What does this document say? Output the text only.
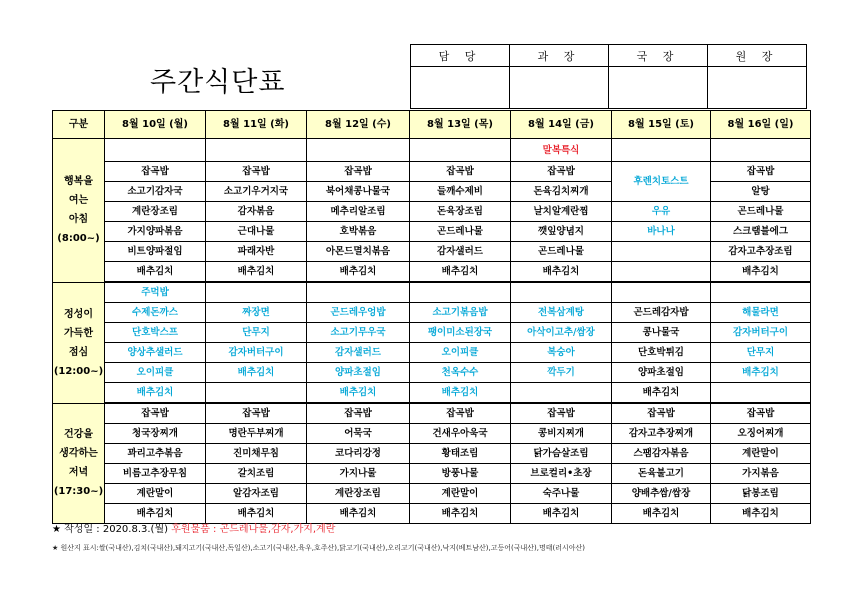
주간식단표
담 당	과 장	국 장	원 장

구분	8월 10일 (월)	8월 11일 (화)	8월 12일 (수)	8월 13일 (목)	8월 14일 (금)	8월 15일 (토)	8월 16일 (일)

행복을
여는
아침
(8:00~)					말복특식		
	잡곡밥	잡곡밥	잡곡밥	잡곡밥	잡곡밥	후렌치토스트	잡곡밥
	소고기감자국	소고기우거지국	북어채콩나물국	들깨수제비	돈육김치찌개		알탕
	계란장조림	감자볶음	메추리알조림	돈육장조림	날치알계란찜	우유	곤드레나물
	가지양파볶음	근대나물	호박볶음	곤드레나물	깻잎양념지	바나나	스크램블에그
	비트양파절임	파래자반	아몬드멸치볶음	감자샐러드	곤드레나물		감자고추장조림
	배추김치	배추김치	배추김치	배추김치	배추김치		배추김치

정성이
가득한
점심
(12:00~)	주먹밥						
	수제돈까스	짜장면	곤드레우엉밥	소고기볶음밥	전복삼계탕	곤드레감자밥	해물라면
	단호박스프	단무지	소고기무우국	팽이미소된장국	아삭이고추/쌈장	콩나물국	감자버터구이
	양상추샐러드	감자버터구이	감자샐러드	오이피클	복숭아	단호박튀김	단무지
	오이피클	배추김치	양파초절임	천옥수수	깍두기	양파초절임	배추김치
	배추김치		배추김치	배추김치		배추김치	

건강을
생각하는
저녁
(17:30~)	잡곡밥	잡곡밥	잡곡밥	잡곡밥	잡곡밥	잡곡밥	잡곡밥
	청국장찌개	명란두부찌개	어묵국	건새우아욱국	콩비지찌개	감자고추장찌개	오징어찌개
	꽈리고추볶음	진미채무침	코다리강정	황태조림	닭가슴살조림	스팸감자볶음	계란말이
	비름고추장무침	갈치조림	가지나물	방풍나물	브로컬리•초장	돈육불고기	가지볶음
	계란말이	알감자조림	계란장조림	계란말이	숙주나물	양배추쌈/쌈장	닭봉조림
	배추김치	배추김치	배추김치	배추김치	배추김치	배추김치	배추김치
★ 작성일 : 2020.8.3.(월) 후원물품 : 곤드레나물,감자,가지,계란
★ 원산지 표시:쌀(국내산),김치(국내산),돼지고기(국내산,독일산),소고기(국내산,육우,호주산),닭고기(국내산),오리고기(국내산),낙지(베트남산),고등어(국내산),명태(러시아산)
